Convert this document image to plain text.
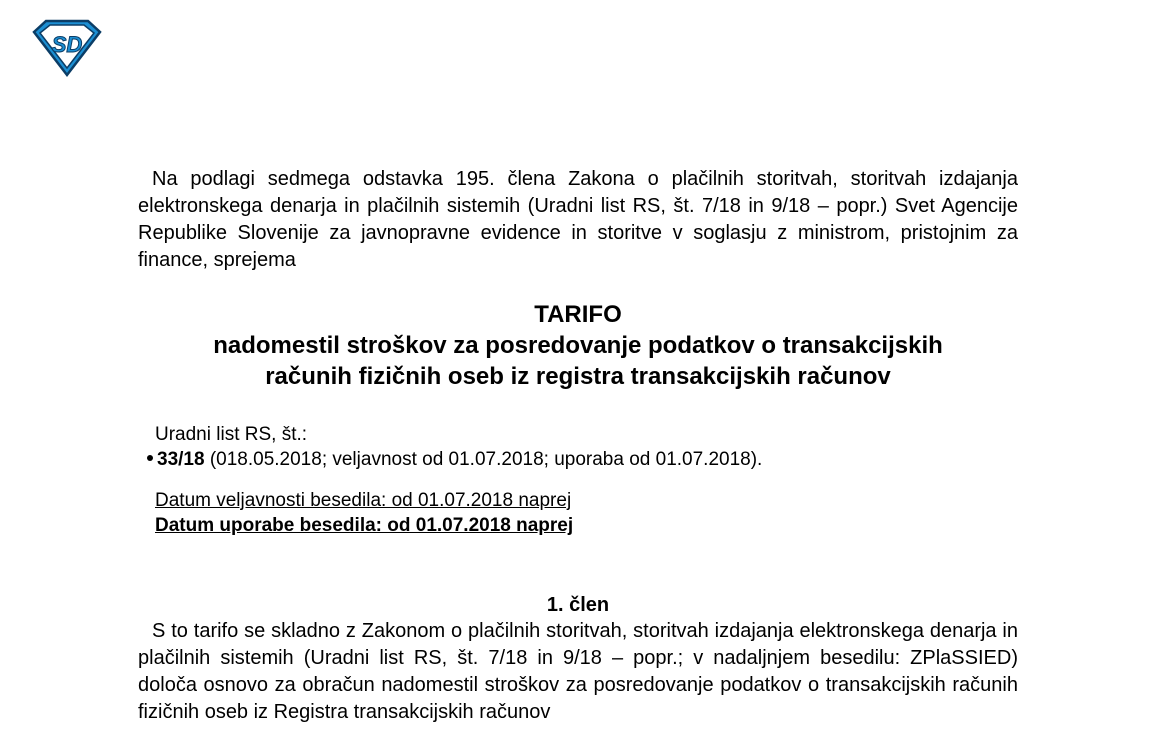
SD

Na podlagi sedmega odstavka 195. člena Zakona o plačilnih storitvah, storitvah izdajanja elektronskega denarja in plačilnih sistemih (Uradni list RS, št. 7/18 in 9/18 – popr.) Svet Agencije Republike Slovenije za javnopravne evidence in storitve v soglasju z ministrom, pristojnim za finance, sprejema

TARIFO
nadomestil stroškov za posredovanje podatkov o transakcijskih
računih fizičnih oseb iz registra transakcijskih računov
Uradni list RS, št.:
33/18 (018.05.2018; veljavnost od 01.07.2018; uporaba od 01.07.2018).
Datum veljavnosti besedila: od 01.07.2018 naprej
Datum uporabe besedila: od 01.07.2018 naprej
1. člen

S to tarifo se skladno z Zakonom o plačilnih storitvah, storitvah izdajanja elektronskega denarja in plačilnih sistemih (Uradni list RS, št. 7/18 in 9/18 – popr.; v nadaljnjem besedilu: ZPlaSSIED) določa osnovo za obračun nadomestil stroškov za posredovanje podatkov o transakcijskih računih fizičnih oseb iz Registra transakcijskih računov
